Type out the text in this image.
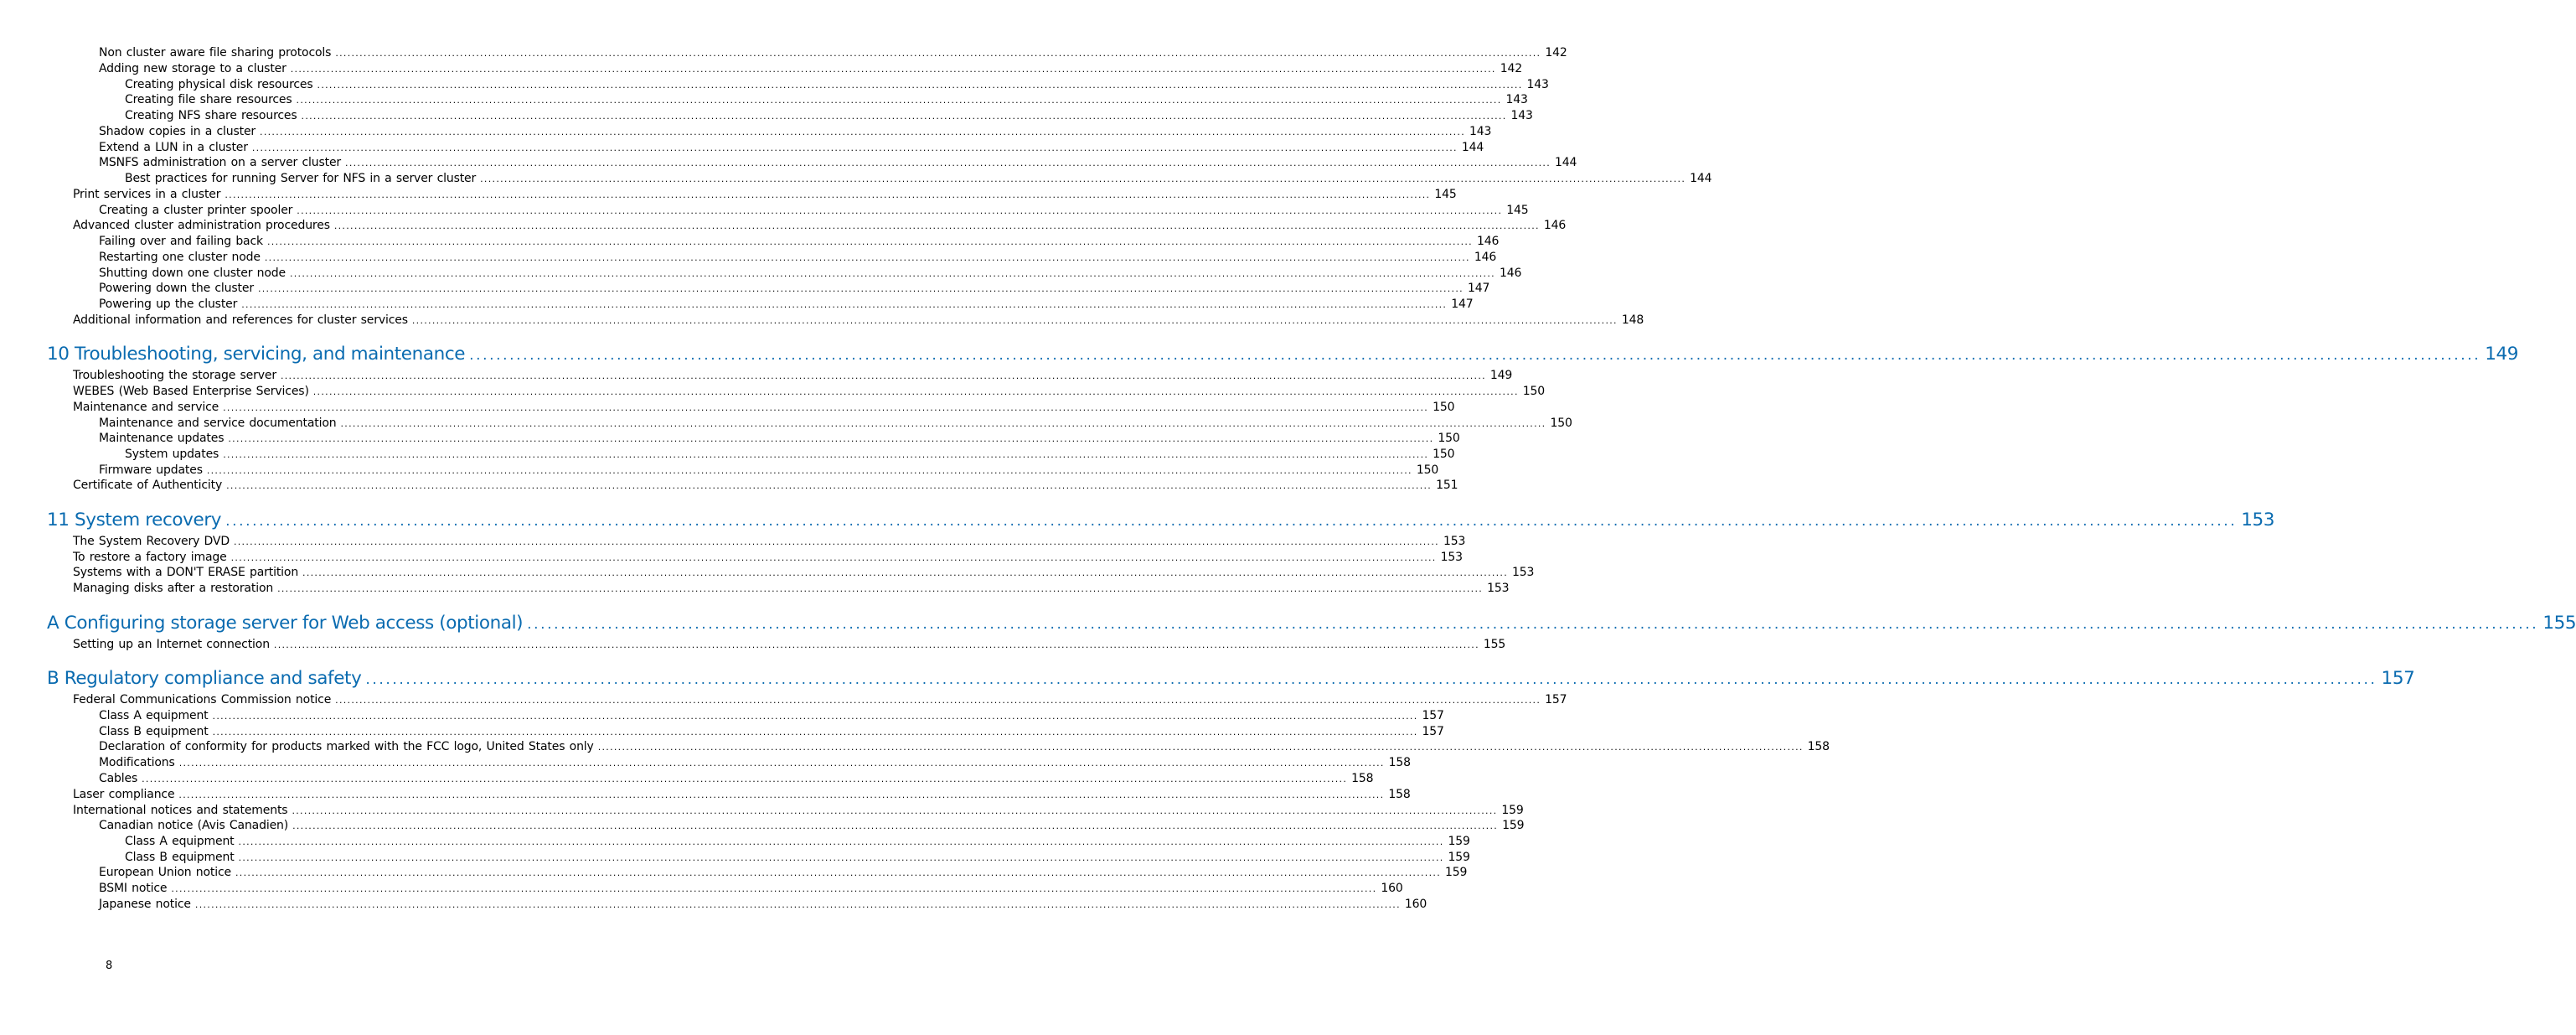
Non cluster aware file sharing protocols ............................................................................................................................................................................................................................................................................................................ 142
Adding new storage to a cluster ............................................................................................................................................................................................................................................................................................................ 142
Creating physical disk resources ............................................................................................................................................................................................................................................................................................................ 143
Creating file share resources ............................................................................................................................................................................................................................................................................................................ 143
Creating NFS share resources ............................................................................................................................................................................................................................................................................................................ 143
Shadow copies in a cluster ............................................................................................................................................................................................................................................................................................................ 143
Extend a LUN in a cluster ............................................................................................................................................................................................................................................................................................................ 144
MSNFS administration on a server cluster ............................................................................................................................................................................................................................................................................................................ 144
Best practices for running Server for NFS in a server cluster ............................................................................................................................................................................................................................................................................................................ 144
Print services in a cluster ............................................................................................................................................................................................................................................................................................................ 145
Creating a cluster printer spooler ............................................................................................................................................................................................................................................................................................................ 145
Advanced cluster administration procedures ............................................................................................................................................................................................................................................................................................................ 146
Failing over and failing back ............................................................................................................................................................................................................................................................................................................ 146
Restarting one cluster node ............................................................................................................................................................................................................................................................................................................ 146
Shutting down one cluster node ............................................................................................................................................................................................................................................................................................................ 146
Powering down the cluster ............................................................................................................................................................................................................................................................................................................ 147
Powering up the cluster ............................................................................................................................................................................................................................................................................................................ 147
Additional information and references for cluster services ............................................................................................................................................................................................................................................................................................................ 148
10 Troubleshooting, servicing, and maintenance ............................................................................................................................................................................................................................................................................................................ 149
Troubleshooting the storage server ............................................................................................................................................................................................................................................................................................................ 149
WEBES (Web Based Enterprise Services) ............................................................................................................................................................................................................................................................................................................ 150
Maintenance and service ............................................................................................................................................................................................................................................................................................................ 150
Maintenance and service documentation ............................................................................................................................................................................................................................................................................................................ 150
Maintenance updates ............................................................................................................................................................................................................................................................................................................ 150
System updates ............................................................................................................................................................................................................................................................................................................ 150
Firmware updates ............................................................................................................................................................................................................................................................................................................ 150
Certificate of Authenticity ............................................................................................................................................................................................................................................................................................................ 151
11 System recovery ............................................................................................................................................................................................................................................................................................................ 153
The System Recovery DVD ............................................................................................................................................................................................................................................................................................................ 153
To restore a factory image ............................................................................................................................................................................................................................................................................................................ 153
Systems with a DON'T ERASE partition ............................................................................................................................................................................................................................................................................................................ 153
Managing disks after a restoration ............................................................................................................................................................................................................................................................................................................ 153
A Configuring storage server for Web access (optional) ............................................................................................................................................................................................................................................................................................................ 155
Setting up an Internet connection ............................................................................................................................................................................................................................................................................................................ 155
B Regulatory compliance and safety ............................................................................................................................................................................................................................................................................................................ 157
Federal Communications Commission notice ............................................................................................................................................................................................................................................................................................................ 157
Class A equipment ............................................................................................................................................................................................................................................................................................................ 157
Class B equipment ............................................................................................................................................................................................................................................................................................................ 157
Declaration of conformity for products marked with the FCC logo, United States only ............................................................................................................................................................................................................................................................................................................ 158
Modifications ............................................................................................................................................................................................................................................................................................................ 158
Cables ............................................................................................................................................................................................................................................................................................................ 158
Laser compliance ............................................................................................................................................................................................................................................................................................................ 158
International notices and statements ............................................................................................................................................................................................................................................................................................................ 159
Canadian notice (Avis Canadien) ............................................................................................................................................................................................................................................................................................................ 159
Class A equipment ............................................................................................................................................................................................................................................................................................................ 159
Class B equipment ............................................................................................................................................................................................................................................................................................................ 159
European Union notice ............................................................................................................................................................................................................................................................................................................ 159
BSMI notice ............................................................................................................................................................................................................................................................................................................ 160
Japanese notice ............................................................................................................................................................................................................................................................................................................ 160
8
